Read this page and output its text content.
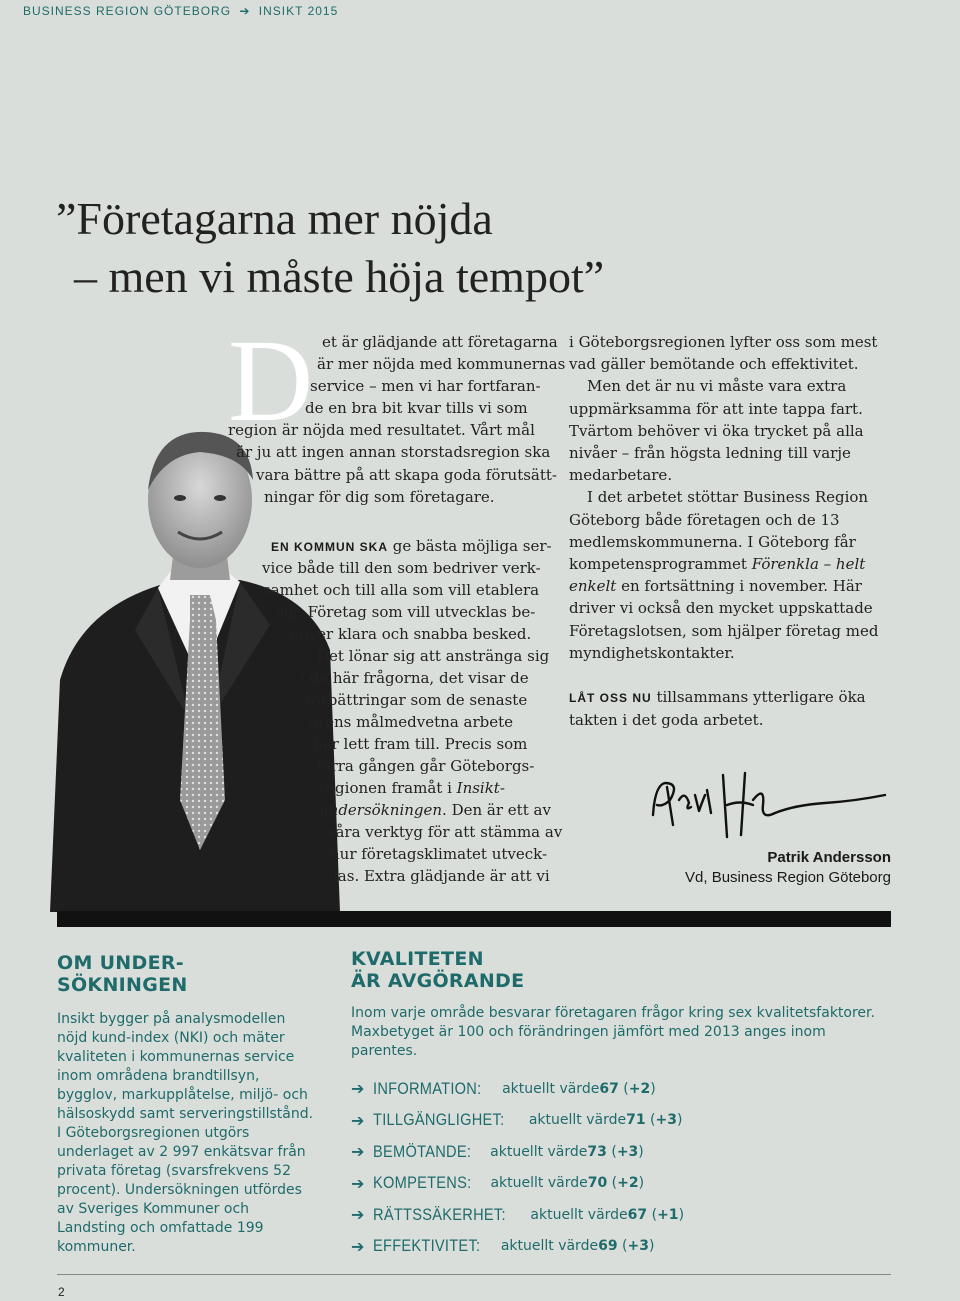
BUSINESS REGION GÖTEBORG ➔ INSIKT 2015
”Företagarna mer nöjda
– men vi måste höja tempot”
D et är glädjande att företagarna
är mer nöjda med kommunernas
service – men vi har fortfaran-
de en bra bit kvar tills vi som
region är nöjda med resultatet. Vårt mål
är ju att ingen annan storstadsregion ska
vara bättre på att skapa goda förutsätt-
ningar för dig som företagare.
EN KOMMUN SKA ge bästa möjliga ser-
vice både till den som bedriver verk-
samhet och till alla som vill etablera
sig. Företag som vill utvecklas be-
höver klara och snabba besked.
Det lönar sig att anstränga sig
i de här frågorna, det visar de
förbättringar som de senaste
årens målmedvetna arbete
har lett fram till. Precis som
förra gången går Göteborgs-
regionen framåt i Insikt-
undersökningen. Den är ett av
våra verktyg för att stämma av
hur företagsklimatet utveck-
las. Extra glädjande är att vi

i Göteborgsregionen lyfter oss som mest vad gäller bemötande och effektivitet.

Men det är nu vi måste vara extra uppmärksamma för att inte tappa fart. Tvärtom behöver vi öka trycket på alla nivåer – från högsta ledning till varje medarbetare.

I det arbetet stöttar Business Region Göteborg både företagen och de 13 medlemskommunerna. I Göteborg får kompetensprogrammet Förenkla – helt enkelt en fortsättning i november. Här driver vi också den mycket uppskattade Företagslotsen, som hjälper företag med myndighetskontakter.

LÅT OSS NU tillsammans ytterligare öka takten i det goda arbetet.

Patrik Andersson
Vd, Business Region Göteborg
OM UNDER-
SÖKNINGEN
Insikt bygger på analysmodellen nöjd kund-index (NKI) och mäter kvaliteten i kommunernas service inom områdena brandtillsyn, bygglov, markupplåtelse, miljö- och hälsoskydd samt serveringstillstånd. I Göteborgsregionen utgörs underlaget av 2 997 enkätsvar från privata företag (svarsfrekvens 52 procent). Undersökningen utfördes av Sveriges Kommuner och Landsting och omfattade 199 kommuner.
KVALITETEN
ÄR AVGÖRANDE
Inom varje område besvarar företagaren frågor kring sex kvalitetsfaktorer. Maxbetyget är 100 och förändringen jämfört med 2013 anges inom parentes.
➔ INFORMATION: aktuellt värde 67 ( +2 )
➔ TILLGÄNGLIGHET: aktuellt värde 71 ( +3 )
➔ BEMÖTANDE: aktuellt värde 73 ( +3 )
➔ KOMPETENS: aktuellt värde 70 ( +2 )
➔ RÄTTSSÄKERHET: aktuellt värde 67 ( +1 )
➔ EFFEKTIVITET: aktuellt värde 69 ( +3 )
2
